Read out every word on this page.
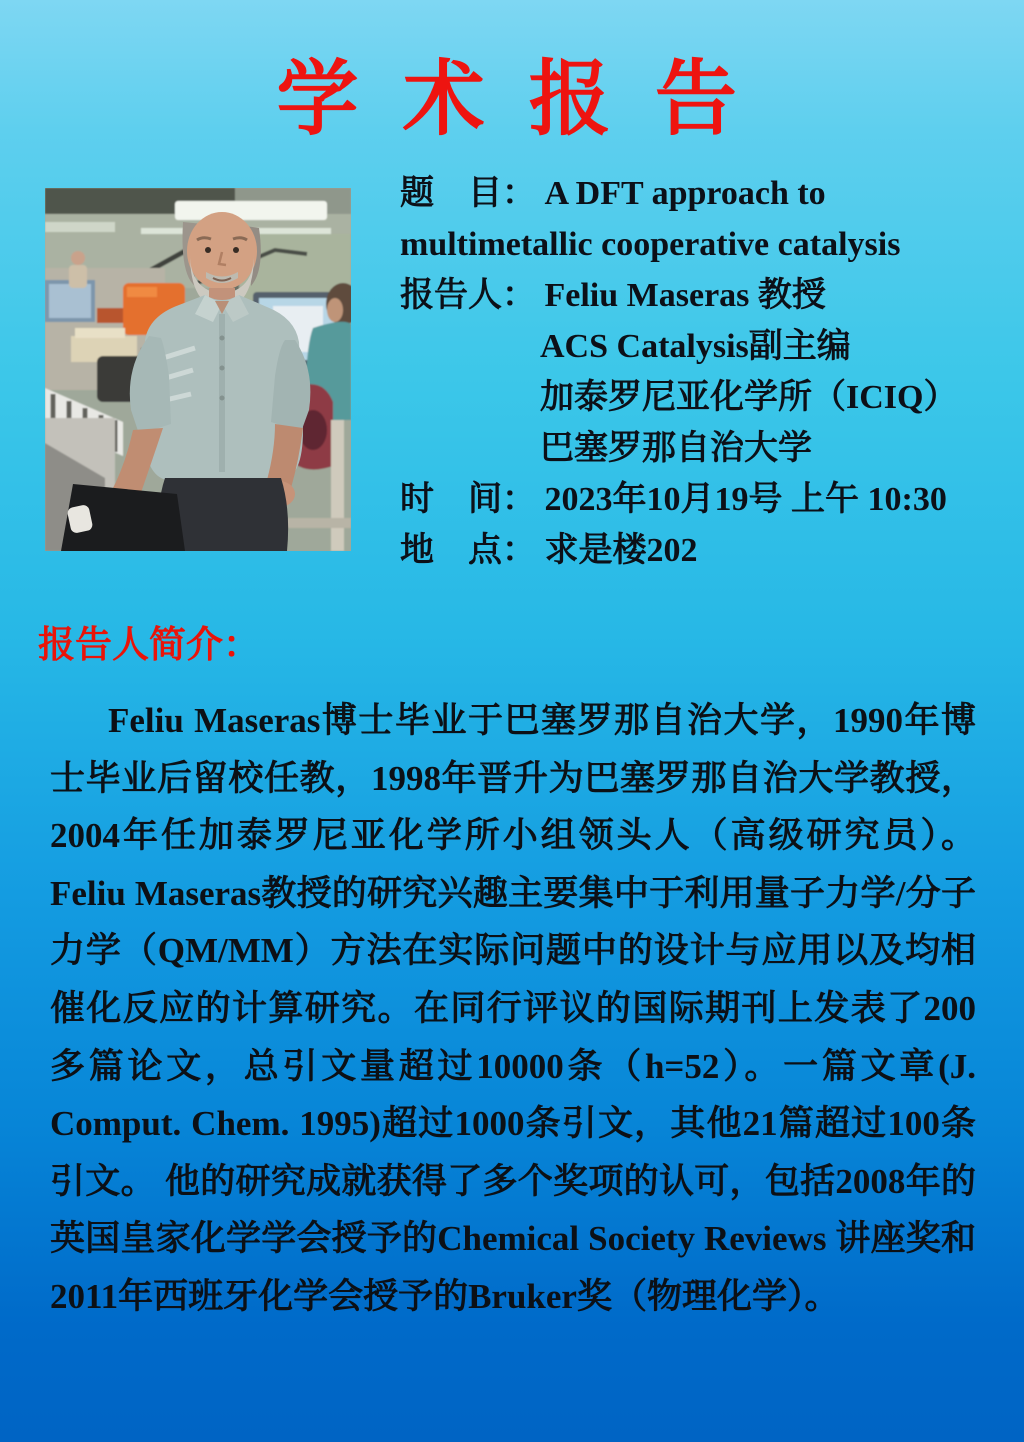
学 术 报 告

题　目： A DFT approach to

multimetallic cooperative catalysis

报告人： Feliu Maseras 教授

ACS Catalysis副主编

加泰罗尼亚化学所（ICIQ）

巴塞罗那自治大学

时　间： 2023年10月19号 上午 10:30

地　点： 求是楼202

报告人简介：

Feliu Maseras博士毕业于巴塞罗那自治大学，1990年博士毕业后留校任教，1998年晋升为巴塞罗那自治大学教授，2004年任加泰罗尼亚化学所小组领头人（高级研究员）。Feliu Maseras教授的研究兴趣主要集中于利用量子力学/分子力学（QM/MM）方法在实际问题中的设计与应用以及均相催化反应的计算研究。在同行评议的国际期刊上发表了200多篇论文，总引文量超过10000条（h=52）。一篇文章(J. Comput. Chem. 1995)超过1000条引文，其他21篇超过100条引文。 他的研究成就获得了多个奖项的认可，包括2008年的英国皇家化学学会授予的Chemical Society Reviews 讲座奖和2011年西班牙化学会授予的Bruker奖（物理化学）。
